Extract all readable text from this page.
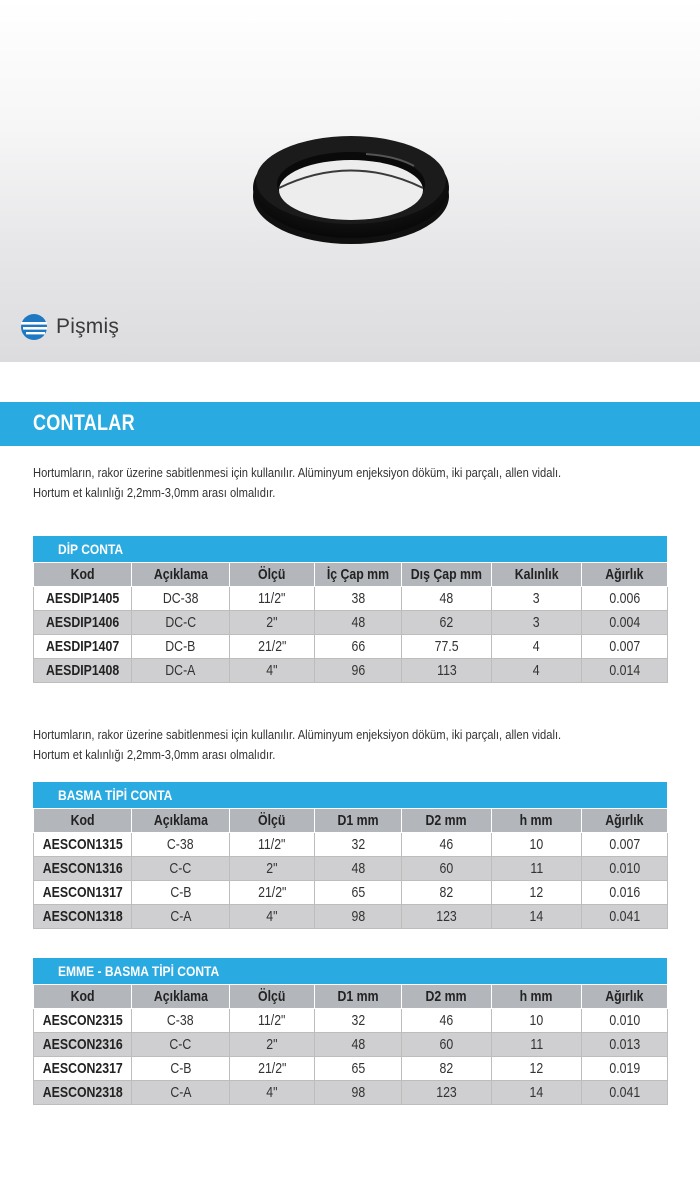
Pişmiş
CONTALAR

Hortumların, rakor üzerine sabitlenmesi için kullanılır. Alüminyum enjeksiyon döküm, iki parçalı, allen vidalı.

Hortum et kalınlığı 2,2mm-3,0mm arası olmalıdır.

DİP CONTA
Kod	Açıklama	Ölçü	İç Çap mm	Dış Çap mm	Kalınlık	Ağırlık
AESDIP1405	DC-38	11/2"	38	48	3	0.006
AESDIP1406	DC-C	2"	48	62	3	0.004
AESDIP1407	DC-B	21/2"	66	77.5	4	0.007
AESDIP1408	DC-A	4"	96	113	4	0.014

Hortumların, rakor üzerine sabitlenmesi için kullanılır. Alüminyum enjeksiyon döküm, iki parçalı, allen vidalı.

Hortum et kalınlığı 2,2mm-3,0mm arası olmalıdır.

BASMA TİPİ CONTA
Kod	Açıklama	Ölçü	D1 mm	D2 mm	h mm	Ağırlık
AESCON1315	C-38	11/2"	32	46	10	0.007
AESCON1316	C-C	2"	48	60	11	0.010
AESCON1317	C-B	21/2"	65	82	12	0.016
AESCON1318	C-A	4"	98	123	14	0.041
EMME - BASMA TİPİ CONTA
Kod	Açıklama	Ölçü	D1 mm	D2 mm	h mm	Ağırlık
AESCON2315	C-38	11/2"	32	46	10	0.010
AESCON2316	C-C	2"	48	60	11	0.013
AESCON2317	C-B	21/2"	65	82	12	0.019
AESCON2318	C-A	4"	98	123	14	0.041
